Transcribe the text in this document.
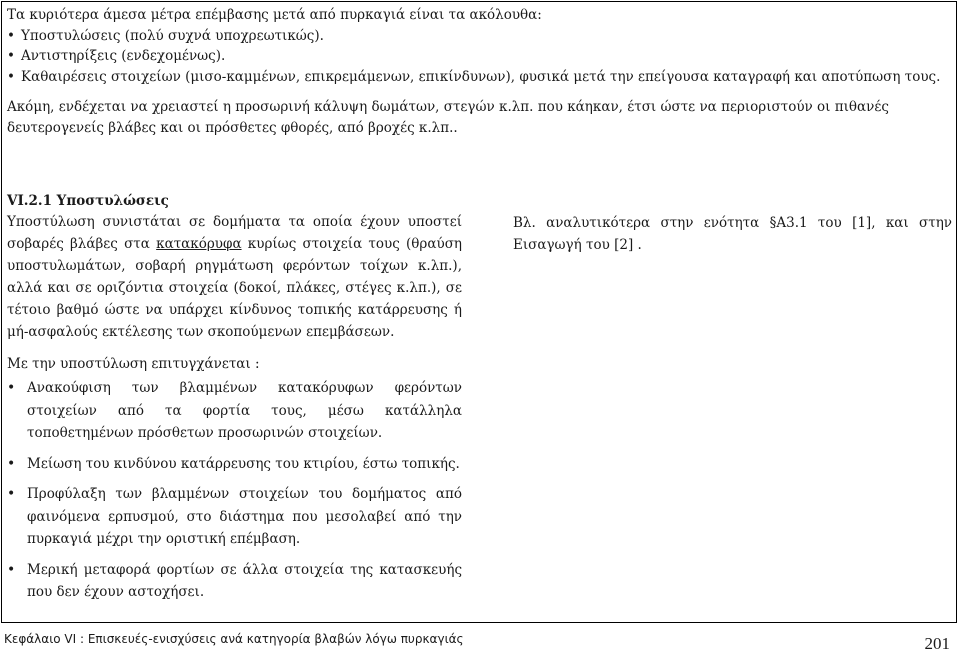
Τα κυριότερα άμεσα μέτρα επέμβασης μετά από πυρκαγιά είναι τα ακόλουθα:

• Υποστυλώσεις (πολύ συχνά υποχρεωτικώς).
• Αντιστηρίξεις (ενδεχομένως).
• Καθαιρέσεις στοιχείων (μισο-καμμένων, επικρεμάμενων, επικίνδυνων), φυσικά μετά την επείγουσα καταγραφή και αποτύπωση τους.

Ακόμη, ενδέχεται να χρειαστεί η προσωρινή κάλυψη δωμάτων, στεγών κ.λπ. που κάηκαν, έτσι ώστε να περιοριστούν οι πιθανές δευτερογενείς βλάβες και οι πρόσθετες φθορές, από βροχές κ.λπ..

VI.2.1 Υποστυλώσεις

Υποστύλωση συνιστάται σε δομήματα τα οποία έχουν υποστεί σοβαρές βλάβες στα κατακόρυφα κυρίως στοιχεία τους (θραύση υποστυλωμάτων, σοβαρή ρηγμάτωση φερόντων τοίχων κ.λπ.), αλλά και σε οριζόντια στοιχεία (δοκοί, πλάκες, στέγες κ.λπ.), σε τέτοιο βαθμό ώστε να υπάρχει κίνδυνος τοπικής κατάρρευσης ή μή-ασφαλούς εκτέλεσης των σκοπούμενων επεμβάσεων.

Με την υποστύλωση επιτυγχάνεται :

• Ανακούφιση των βλαμμένων κατακόρυφων φερόντων στοιχείων από τα φορτία τους, μέσω κατάλληλα τοποθετημένων πρόσθετων προσωρινών στοιχείων.
• Μείωση του κινδύνου κατάρρευσης του κτιρίου, έστω τοπικής.
• Προφύλαξη των βλαμμένων στοιχείων του δομήματος από φαινόμενα ερπυσμού, στο διάστημα που μεσολαβεί από την πυρκαγιά μέχρι την οριστική επέμβαση.
• Μερική μεταφορά φορτίων σε άλλα στοιχεία της κατασκευής που δεν έχουν αστοχήσει.
Βλ. αναλυτικότερα στην ενότητα §Α3.1 του [1], και στην Εισαγωγή του [2] .
Κεφάλαιο VI : Επισκευές-ενισχύσεις ανά κατηγορία βλαβών λόγω πυρκαγιάς	201
